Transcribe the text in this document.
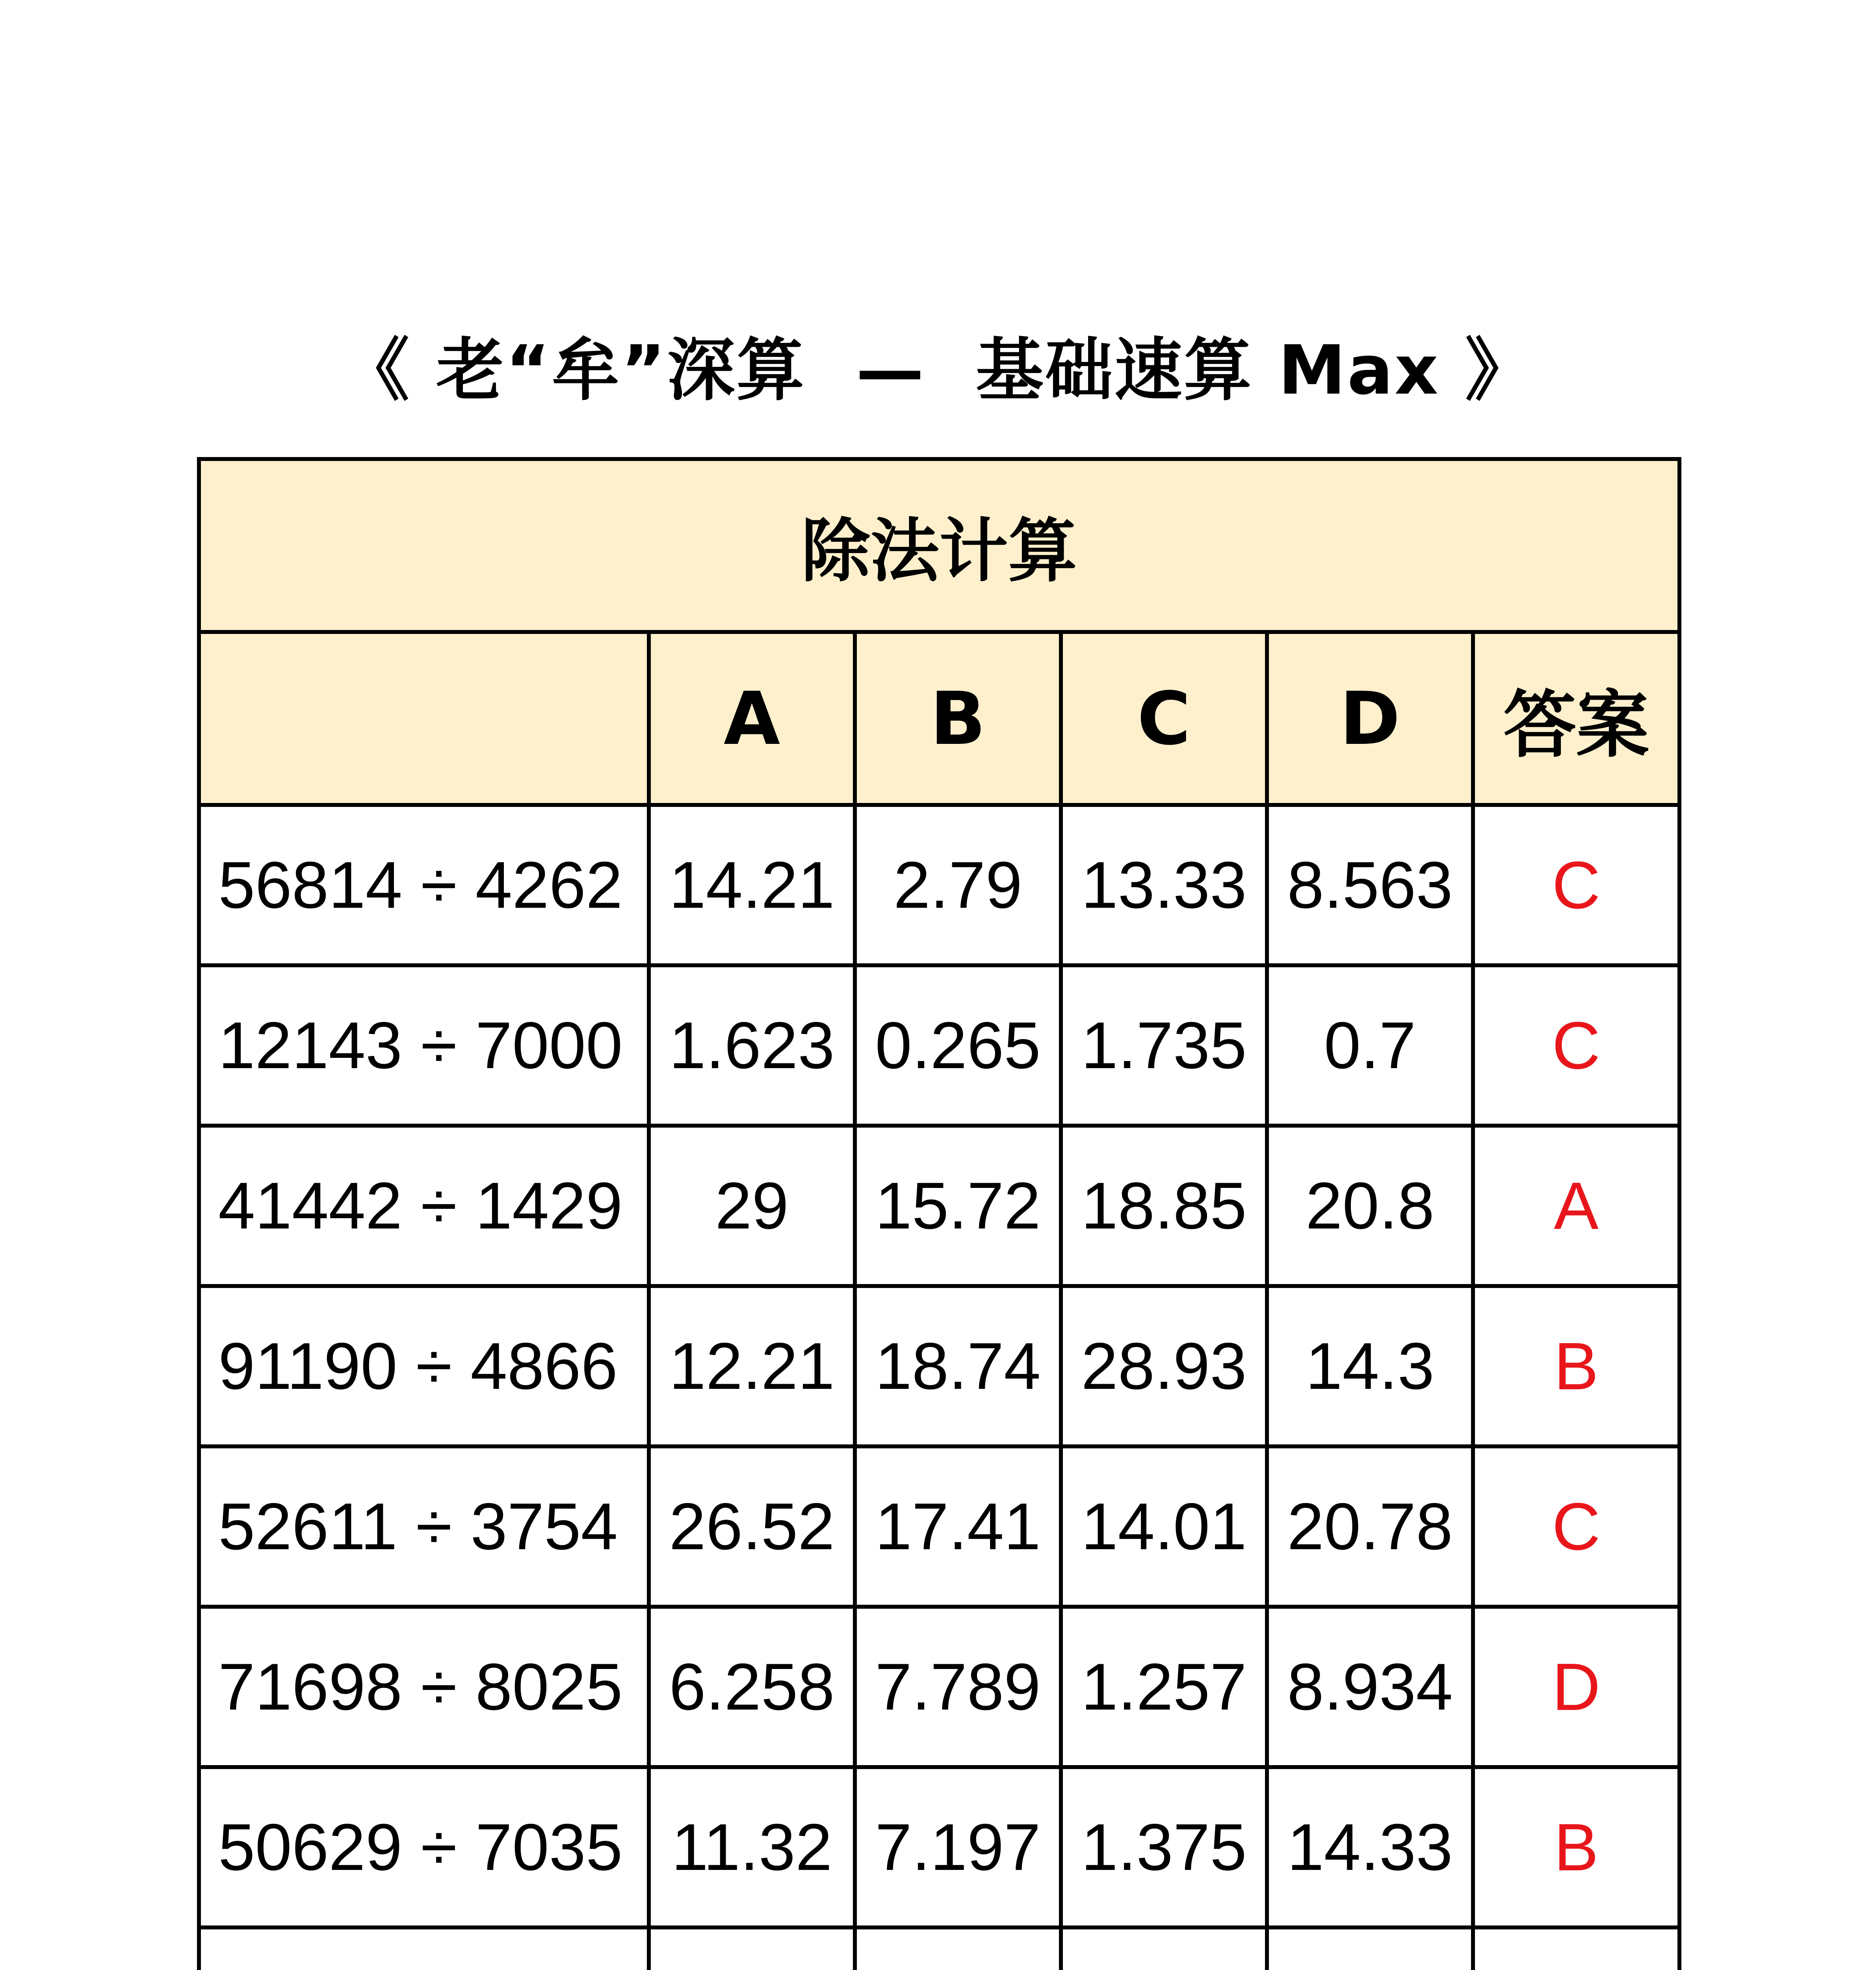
《 老“牟”深算  —  基础速算 Max 》
除法计算					
	A	B	C	D	答案
56814 ÷ 4262	14.21	2.79	13.33	8.563	C
12143 ÷ 7000	1.623	0.265	1.735	0.7	C
41442 ÷ 1429	29	15.72	18.85	20.8	A
91190 ÷ 4866	12.21	18.74	28.93	14.3	B
52611 ÷ 3754	26.52	17.41	14.01	20.78	C
71698 ÷ 8025	6.258	7.789	1.257	8.934	D
50629 ÷ 7035	11.32	7.197	1.375	14.33	B
